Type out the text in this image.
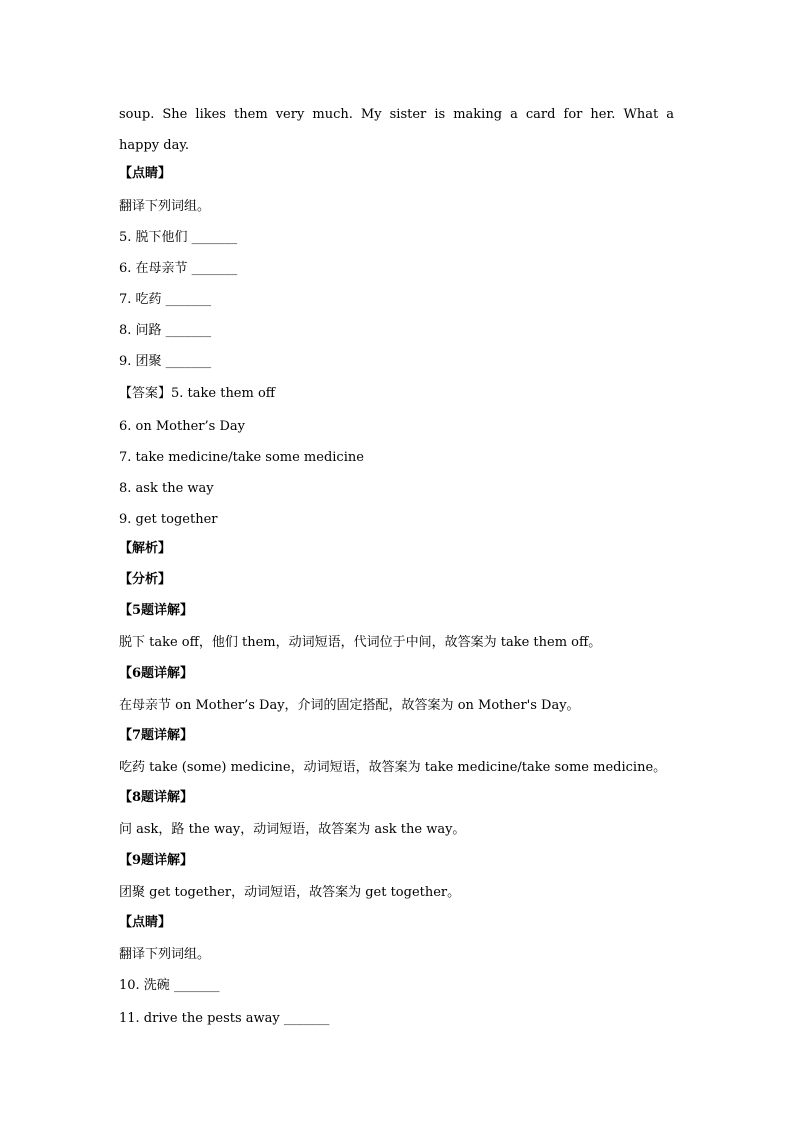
soup. She likes them very much. My sister is making a card for her. What a
happy day.
【点睛】
翻译下列词组。
5. 脱下他们 _______
6. 在母亲节 _______
7. 吃药 _______
8. 问路 _______
9. 团聚 _______
【答案】5. take them off
6. on Mother’s Day
7. take medicine/take some medicine
8. ask the way
9. get together
【解析】
【分析】
【5题详解】
脱下 take off，他们 them，动词短语，代词位于中间，故答案为 take them off。
【6题详解】
在母亲节 on Mother’s Day，介词的固定搭配，故答案为 on Mother's Day。
【7题详解】
吃药 take (some) medicine，动词短语，故答案为 take medicine/take some medicine。
【8题详解】
问 ask，路 the way，动词短语，故答案为 ask the way。
【9题详解】
团聚 get together，动词短语，故答案为 get together。
【点睛】
翻译下列词组。
10. 洗碗 _______
11. drive the pests away _______
